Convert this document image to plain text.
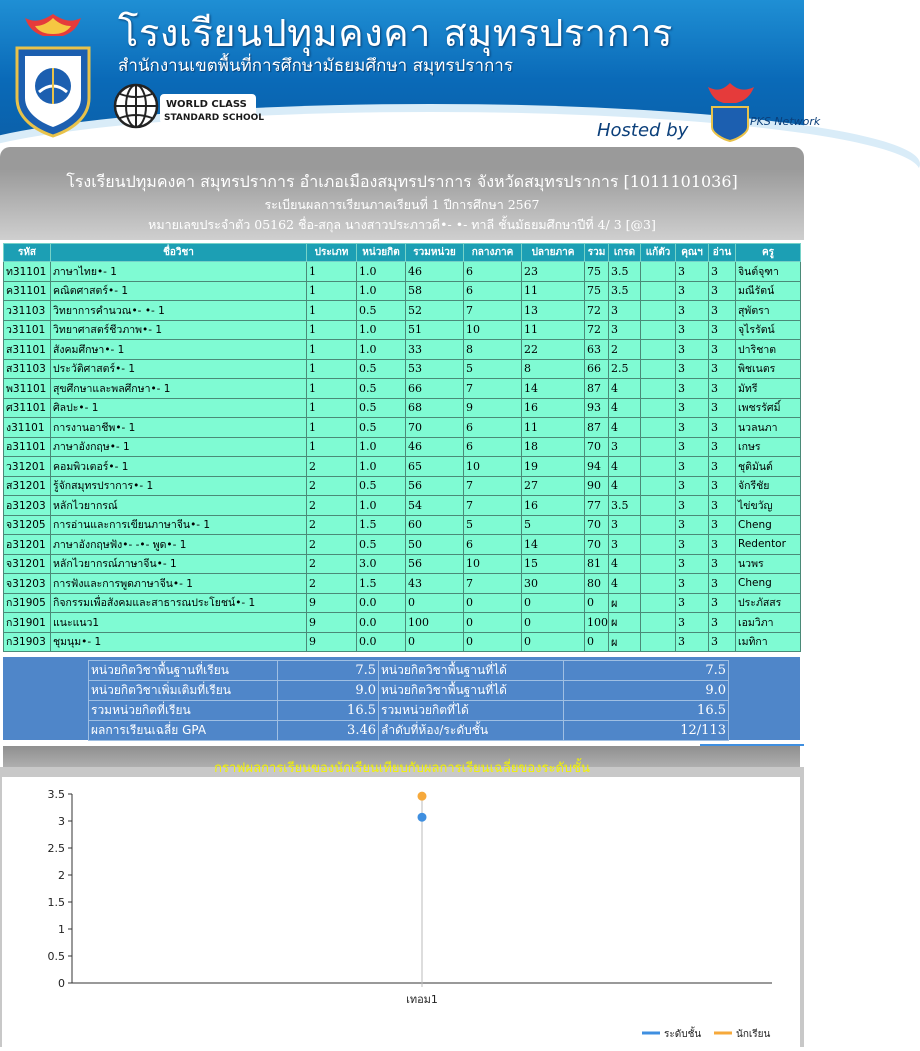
โรงเรียนปทุมคงคา สมุทรปราการ
สำนักงานเขตพื้นที่การศึกษามัธยมศึกษา สมุทรปราการ
WORLD CLASS
STANDARD SCHOOL
Hosted by	PKS Network
โรงเรียนปทุมคงคา สมุทรปราการ อำเภอเมืองสมุทรปราการ จังหวัดสมุทรปราการ [1011101036]
ระเบียนผลการเรียนภาคเรียนที่ 1 ปีการศึกษา 2567
หมายเลขประจำตัว 05162 ชื่อ-สกุล นางสาวประภาวดี•- •- ทาลี ชั้นมัธยมศึกษาปีที่ 4/ 3 [@3]
รหัส	ชื่อวิชา	ประเภท	หน่วยกิต	รวมหน่วย	กลางภาค	ปลายภาค	รวม	เกรด	แก้ตัว	คุณฯ	อ่าน	ครู
ท31101	ภาษาไทย•- 1	1	1.0	46	6	23	75	3.5		3	3	จินต์จุฑา
ค31101	คณิตศาสตร์•- 1	1	1.0	58	6	11	75	3.5		3	3	มณีรัตน์
ว31103	วิทยาการคำนวณ•- •- 1	1	0.5	52	7	13	72	3		3	3	สุพัตรา
ว31101	วิทยาศาสตร์ชีวภาพ•- 1	1	1.0	51	10	11	72	3		3	3	จุไรรัตน์
ส31101	สังคมศึกษา•- 1	1	1.0	33	8	22	63	2		3	3	ปาริชาต
ส31103	ประวัติศาสตร์•- 1	1	0.5	53	5	8	66	2.5		3	3	พิชเนตร
พ31101	สุขศึกษาและพลศึกษา•- 1	1	0.5	66	7	14	87	4		3	3	มัทรี
ศ31101	ศิลปะ•- 1	1	0.5	68	9	16	93	4		3	3	เพชรรัศมิ์
ง31101	การงานอาชีพ•- 1	1	0.5	70	6	11	87	4		3	3	นวลนภา
อ31101	ภาษาอังกฤษ•- 1	1	1.0	46	6	18	70	3		3	3	เกษร
ว31201	คอมพิวเตอร์•- 1	2	1.0	65	10	19	94	4		3	3	ชุติมันต์
ส31201	รู้จักสมุทรปราการ•- 1	2	0.5	56	7	27	90	4		3	3	จักรีชัย
อ31203	หลักไวยากรณ์	2	1.0	54	7	16	77	3.5		3	3	ไข่ขวัญ
จ31205	การอ่านและการเขียนภาษาจีน•- 1	2	1.5	60	5	5	70	3		3	3	Cheng
อ31201	ภาษาอังกฤษฟัง•- -•- พูด•- 1	2	0.5	50	6	14	70	3		3	3	Redentor
จ31201	หลักไวยากรณ์ภาษาจีน•- 1	2	3.0	56	10	15	81	4		3	3	นวพร
จ31203	การฟังและการพูดภาษาจีน•- 1	2	1.5	43	7	30	80	4		3	3	Cheng
ก31905	กิจกรรมเพื่อสังคมและสาธารณประโยชน์•- 1	9	0.0	0	0	0	0	ผ		3	3	ประภัสสร
ก31901	แนะแนว1	9	0.0	100	0	0	100	ผ		3	3	เอมวิภา
ก31903	ชุมนุม•- 1	9	0.0	0	0	0	0	ผ		3	3	เมทิกา
หน่วยกิตวิชาพื้นฐานที่เรียน	7.5	หน่วยกิตวิชาพื้นฐานที่ได้	7.5
หน่วยกิตวิชาเพิ่มเติมที่เรียน	9.0	หน่วยกิตวิชาพื้นฐานที่ได้	9.0
รวมหน่วยกิตที่เรียน	16.5	รวมหน่วยกิตที่ได้	16.5
ผลการเรียนเฉลี่ย GPA	3.46	ลำดับที่ห้อง/ระดับชั้น	12/113
0
0.5
1
1.5
2
2.5
3
3.5
เทอม1
ระดับชั้น	นักเรียน
กราฟผลการเรียนของนักเรียนเทียบกับผลการเรียนเฉลี่ยของระดับชั้น
